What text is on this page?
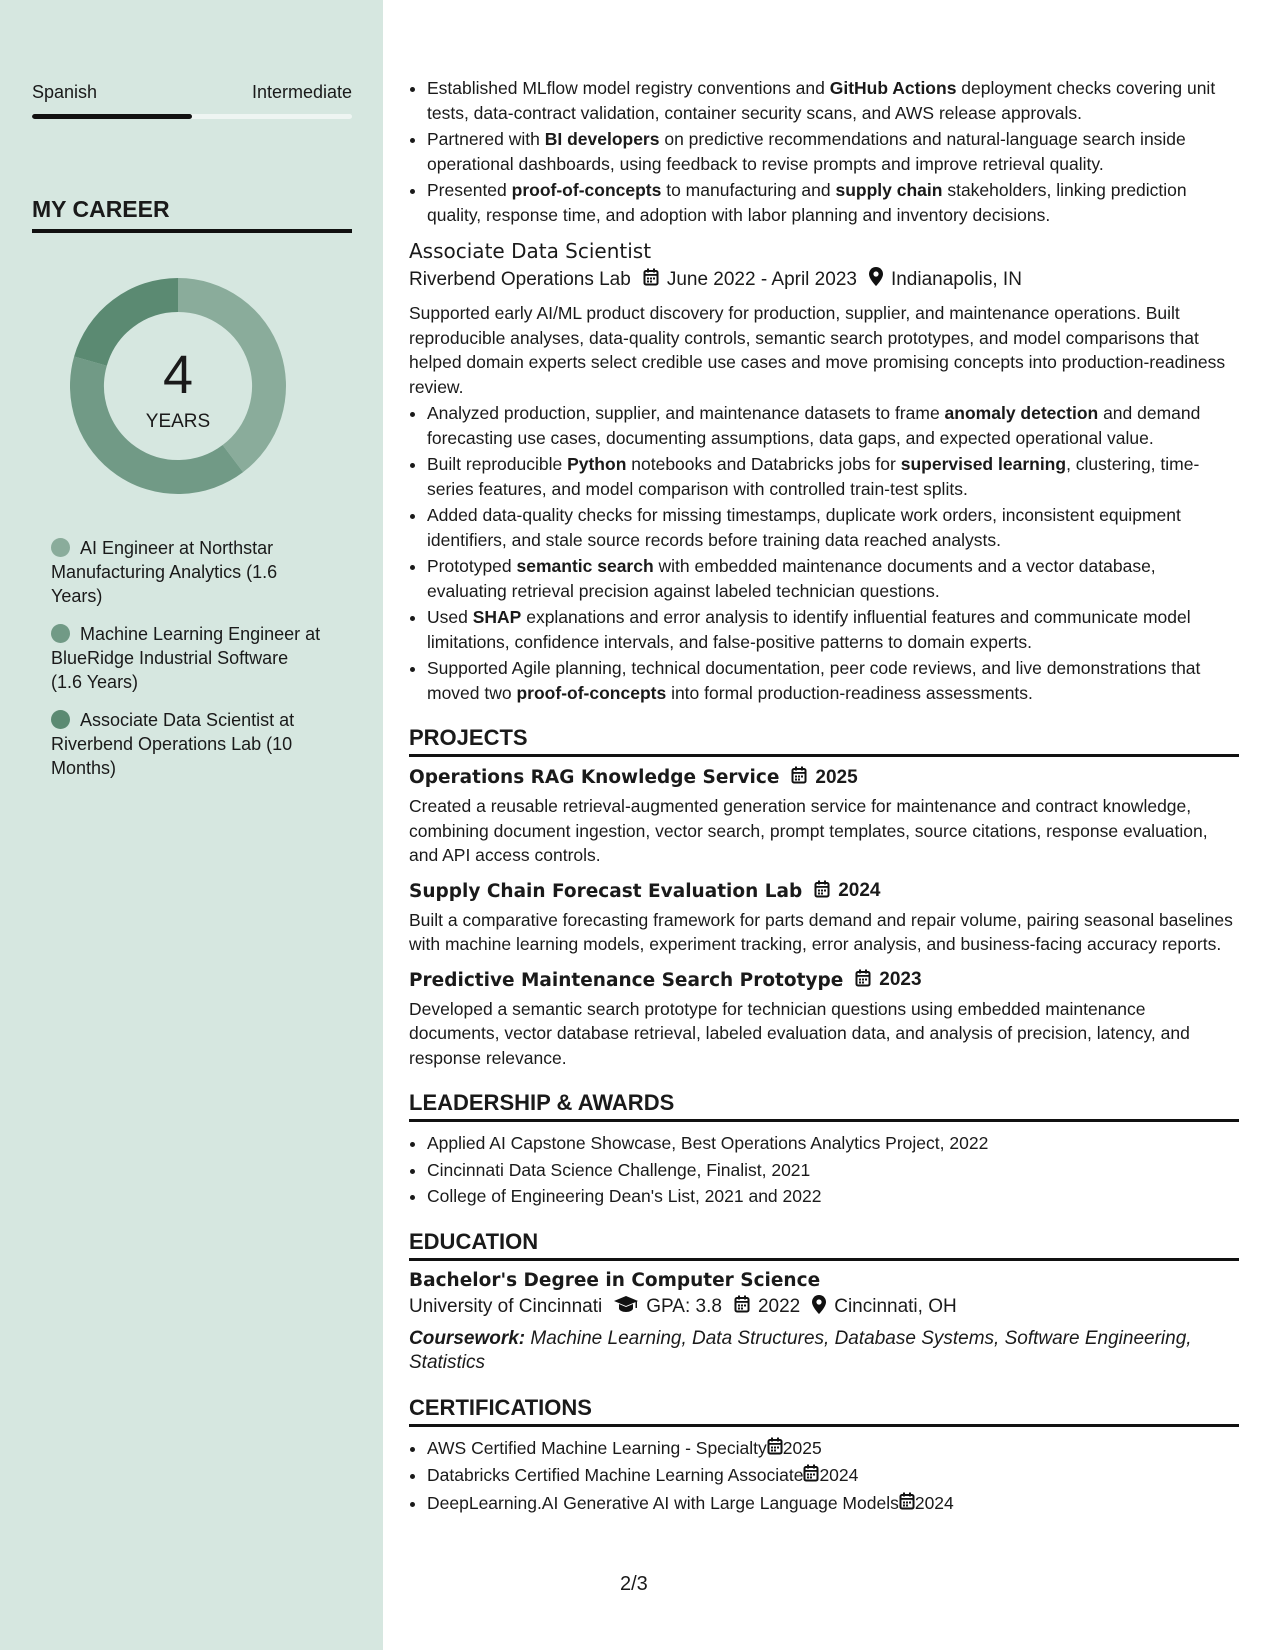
Spanish	Intermediate
MY CAREER
4
YEARS
AI Engineer at Northstar Manufacturing Analytics (1.6 Years)
Machine Learning Engineer at BlueRidge Industrial Software (1.6 Years)
Associate Data Scientist at Riverbend Operations Lab (10 Months)
• Established MLflow model registry conventions and GitHub Actions deployment checks covering unit tests, data-contract validation, container security scans, and AWS release approvals.
• Partnered with BI developers on predictive recommendations and natural-language search inside operational dashboards, using feedback to revise prompts and improve retrieval quality.
• Presented proof-of-concepts to manufacturing and supply chain stakeholders, linking prediction quality, response time, and adoption with labor planning and inventory decisions.
Associate Data Scientist
Riverbend Operations Lab June 2022 - April 2023 Indianapolis, IN
Supported early AI/ML product discovery for production, supplier, and maintenance operations. Built reproducible analyses, data-quality controls, semantic search prototypes, and model comparisons that helped domain experts select credible use cases and move promising concepts into production-readiness review.
• Analyzed production, supplier, and maintenance datasets to frame anomaly detection and demand forecasting use cases, documenting assumptions, data gaps, and expected operational value.
• Built reproducible Python notebooks and Databricks jobs for supervised learning, clustering, time-series features, and model comparison with controlled train-test splits.
• Added data-quality checks for missing timestamps, duplicate work orders, inconsistent equipment identifiers, and stale source records before training data reached analysts.
• Prototyped semantic search with embedded maintenance documents and a vector database, evaluating retrieval precision against labeled technician questions.
• Used SHAP explanations and error analysis to identify influential features and communicate model limitations, confidence intervals, and false-positive patterns to domain experts.
• Supported Agile planning, technical documentation, peer code reviews, and live demonstrations that moved two proof-of-concepts into formal production-readiness assessments.
PROJECTS
Operations RAG Knowledge Service 2025
Created a reusable retrieval-augmented generation service for maintenance and contract knowledge, combining document ingestion, vector search, prompt templates, source citations, response evaluation, and API access controls.
Supply Chain Forecast Evaluation Lab 2024
Built a comparative forecasting framework for parts demand and repair volume, pairing seasonal baselines with machine learning models, experiment tracking, error analysis, and business-facing accuracy reports.
Predictive Maintenance Search Prototype 2023
Developed a semantic search prototype for technician questions using embedded maintenance documents, vector database retrieval, labeled evaluation data, and analysis of precision, latency, and response relevance.
LEADERSHIP & AWARDS
• Applied AI Capstone Showcase, Best Operations Analytics Project, 2022
• Cincinnati Data Science Challenge, Finalist, 2021
• College of Engineering Dean's List, 2021 and 2022
EDUCATION
Bachelor's Degree in Computer Science
University of Cincinnati GPA: 3.8 2022 Cincinnati, OH
Coursework: Machine Learning, Data Structures, Database Systems, Software Engineering, Statistics
CERTIFICATIONS
• AWS Certified Machine Learning - Specialty 2025
• Databricks Certified Machine Learning Associate 2024
• DeepLearning.AI Generative AI with Large Language Models 2024
2/3
